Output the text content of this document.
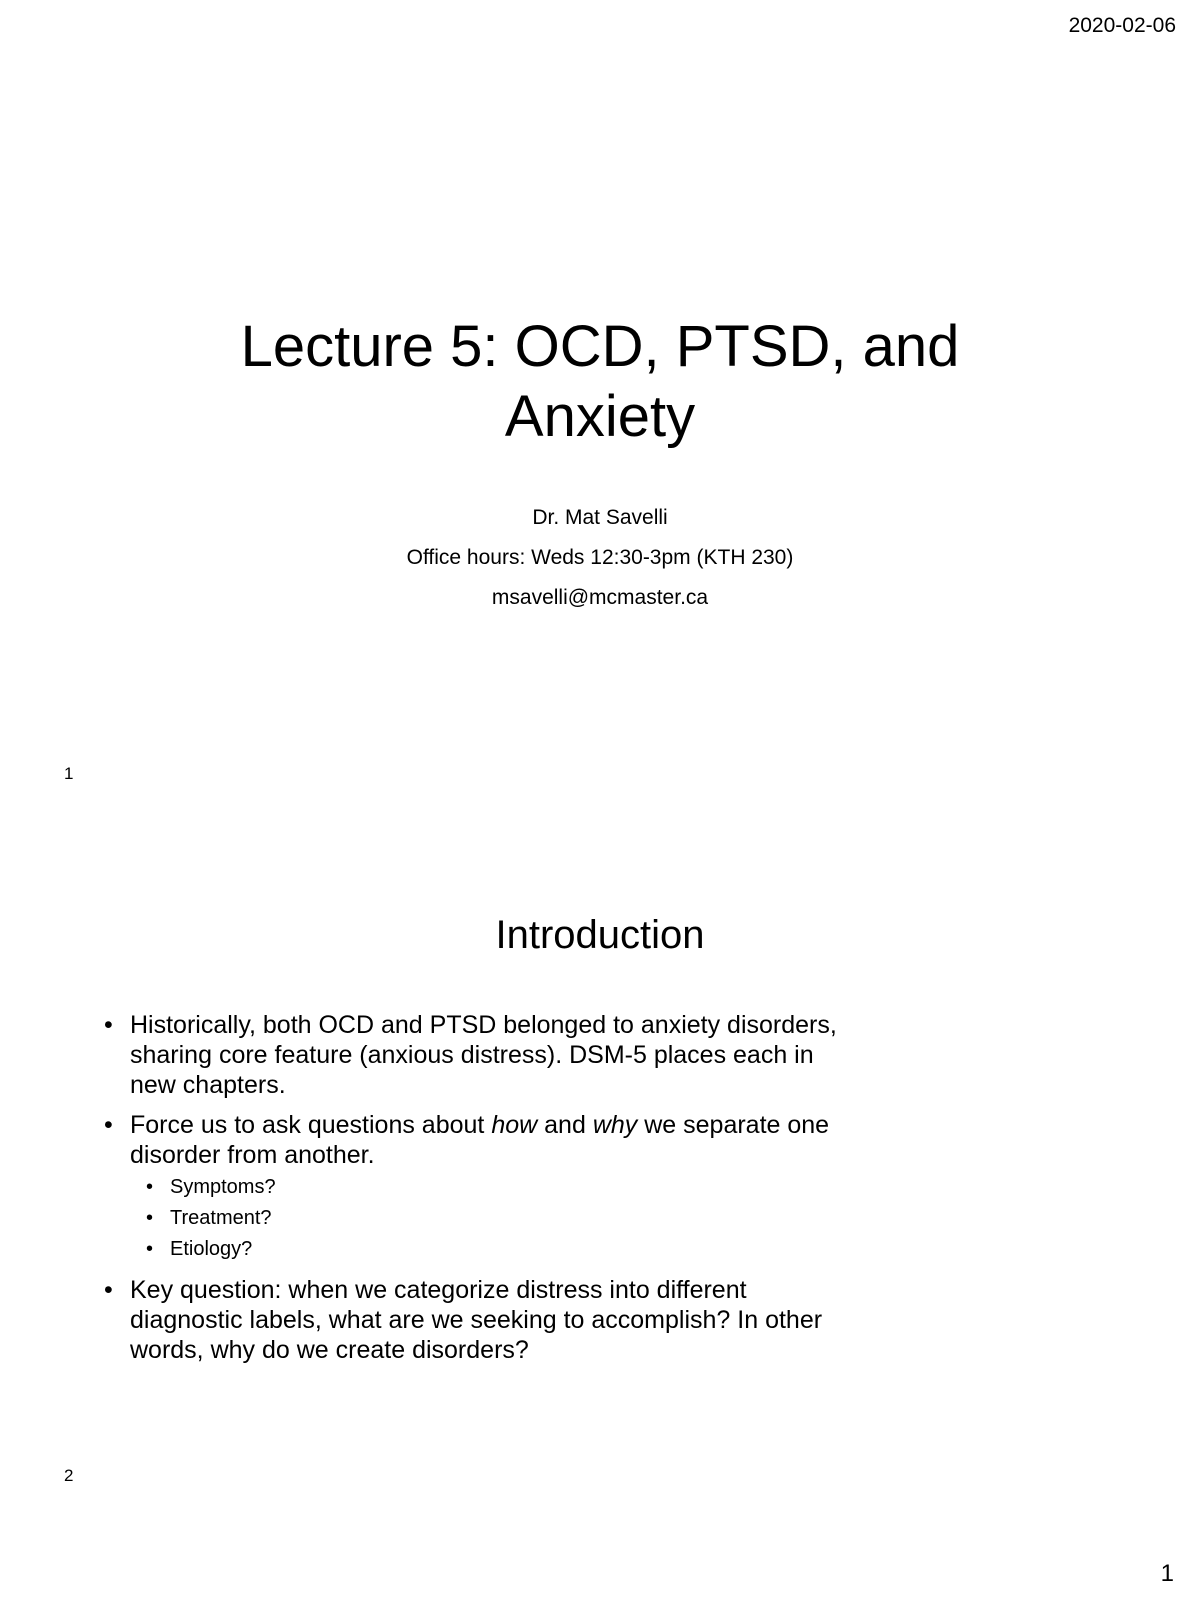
2020-02-06
Lecture 5: OCD, PTSD, and
Anxiety
Dr. Mat Savelli
Office hours: Weds 12:30-3pm (KTH 230)
msavelli@mcmaster.ca
1
Introduction
• Historically, both OCD and PTSD belonged to anxiety disorders, sharing core feature (anxious distress). DSM-5 places each in new chapters.
• Force us to ask questions about how and why we separate one disorder from another.
• Symptoms?
• Treatment?
• Etiology?
• Key question: when we categorize distress into different diagnostic labels, what are we seeking to accomplish? In other words, why do we create disorders?
2
1
